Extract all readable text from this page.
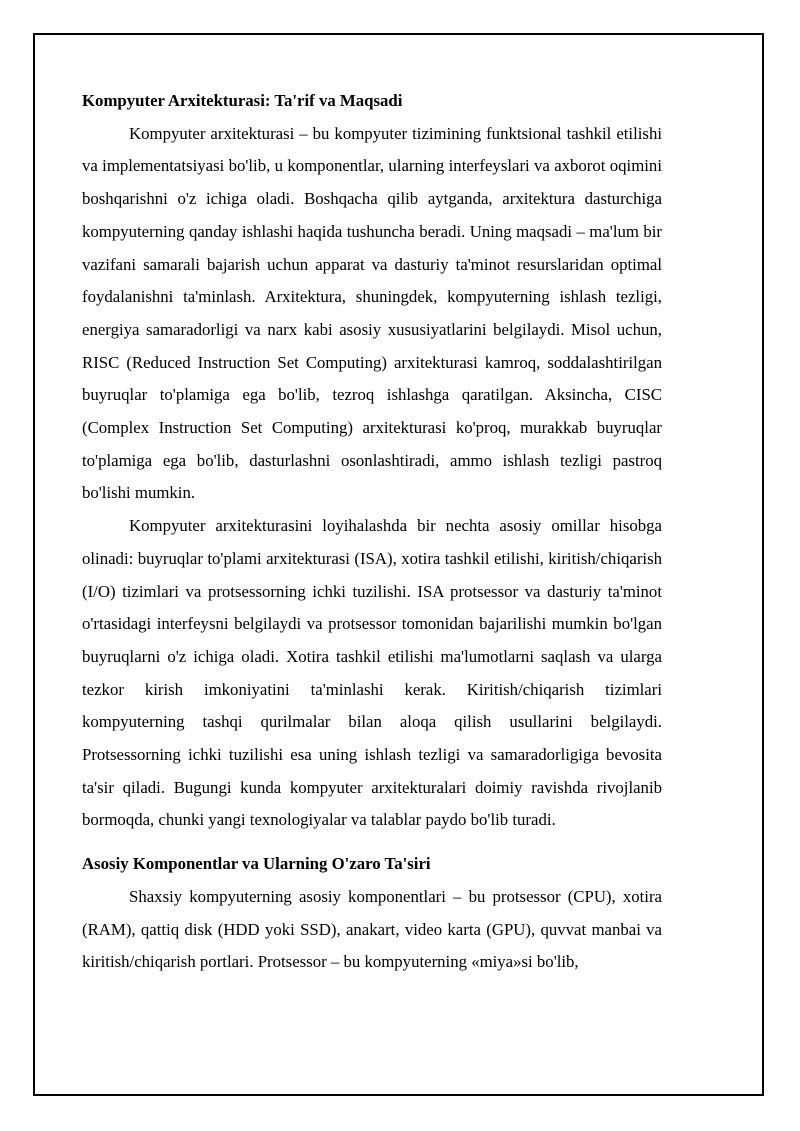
Kompyuter Arxitekturasi: Ta'rif va Maqsadi

Kompyuter arxitekturasi – bu kompyuter tizimining funktsional tashkil etilishi va implementatsiyasi bo'lib, u komponentlar, ularning interfeyslari va axborot oqimini boshqarishni o'z ichiga oladi. Boshqacha qilib aytganda, arxitektura dasturchiga kompyuterning qanday ishlashi haqida tushuncha beradi. Uning maqsadi – ma'lum bir vazifani samarali bajarish uchun apparat va dasturiy ta'minot resurslaridan optimal foydalanishni ta'minlash. Arxitektura, shuningdek, kompyuterning ishlash tezligi, energiya samaradorligi va narx kabi asosiy xususiyatlarini belgilaydi. Misol uchun, RISC (Reduced Instruction Set Computing) arxitekturasi kamroq, soddalashtirilgan buyruqlar to'plamiga ega bo'lib, tezroq ishlashga qaratilgan. Aksincha, CISC (Complex Instruction Set Computing) arxitekturasi ko'proq, murakkab buyruqlar to'plamiga ega bo'lib, dasturlashni osonlashtiradi, ammo ishlash tezligi pastroq bo'lishi mumkin.

Kompyuter arxitekturasini loyihalashda bir nechta asosiy omillar hisobga olinadi: buyruqlar to'plami arxitekturasi (ISA), xotira tashkil etilishi, kiritish/chiqarish (I/O) tizimlari va protsessorning ichki tuzilishi. ISA protsessor va dasturiy ta'minot o'rtasidagi interfeysni belgilaydi va protsessor tomonidan bajarilishi mumkin bo'lgan buyruqlarni o'z ichiga oladi. Xotira tashkil etilishi ma'lumotlarni saqlash va ularga tezkor kirish imkoniyatini ta'minlashi kerak. Kiritish/chiqarish tizimlari kompyuterning tashqi qurilmalar bilan aloqa qilish usullarini belgilaydi. Protsessorning ichki tuzilishi esa uning ishlash tezligi va samaradorligiga bevosita ta'sir qiladi. Bugungi kunda kompyuter arxitekturalari doimiy ravishda rivojlanib bormoqda, chunki yangi texnologiyalar va talablar paydo bo'lib turadi.

Asosiy Komponentlar va Ularning O'zaro Ta'siri

Shaxsiy kompyuterning asosiy komponentlari – bu protsessor (CPU), xotira (RAM), qattiq disk (HDD yoki SSD), anakart, video karta (GPU), quvvat manbai va kiritish/chiqarish portlari. Protsessor – bu kompyuterning «miya»si bo'lib,
